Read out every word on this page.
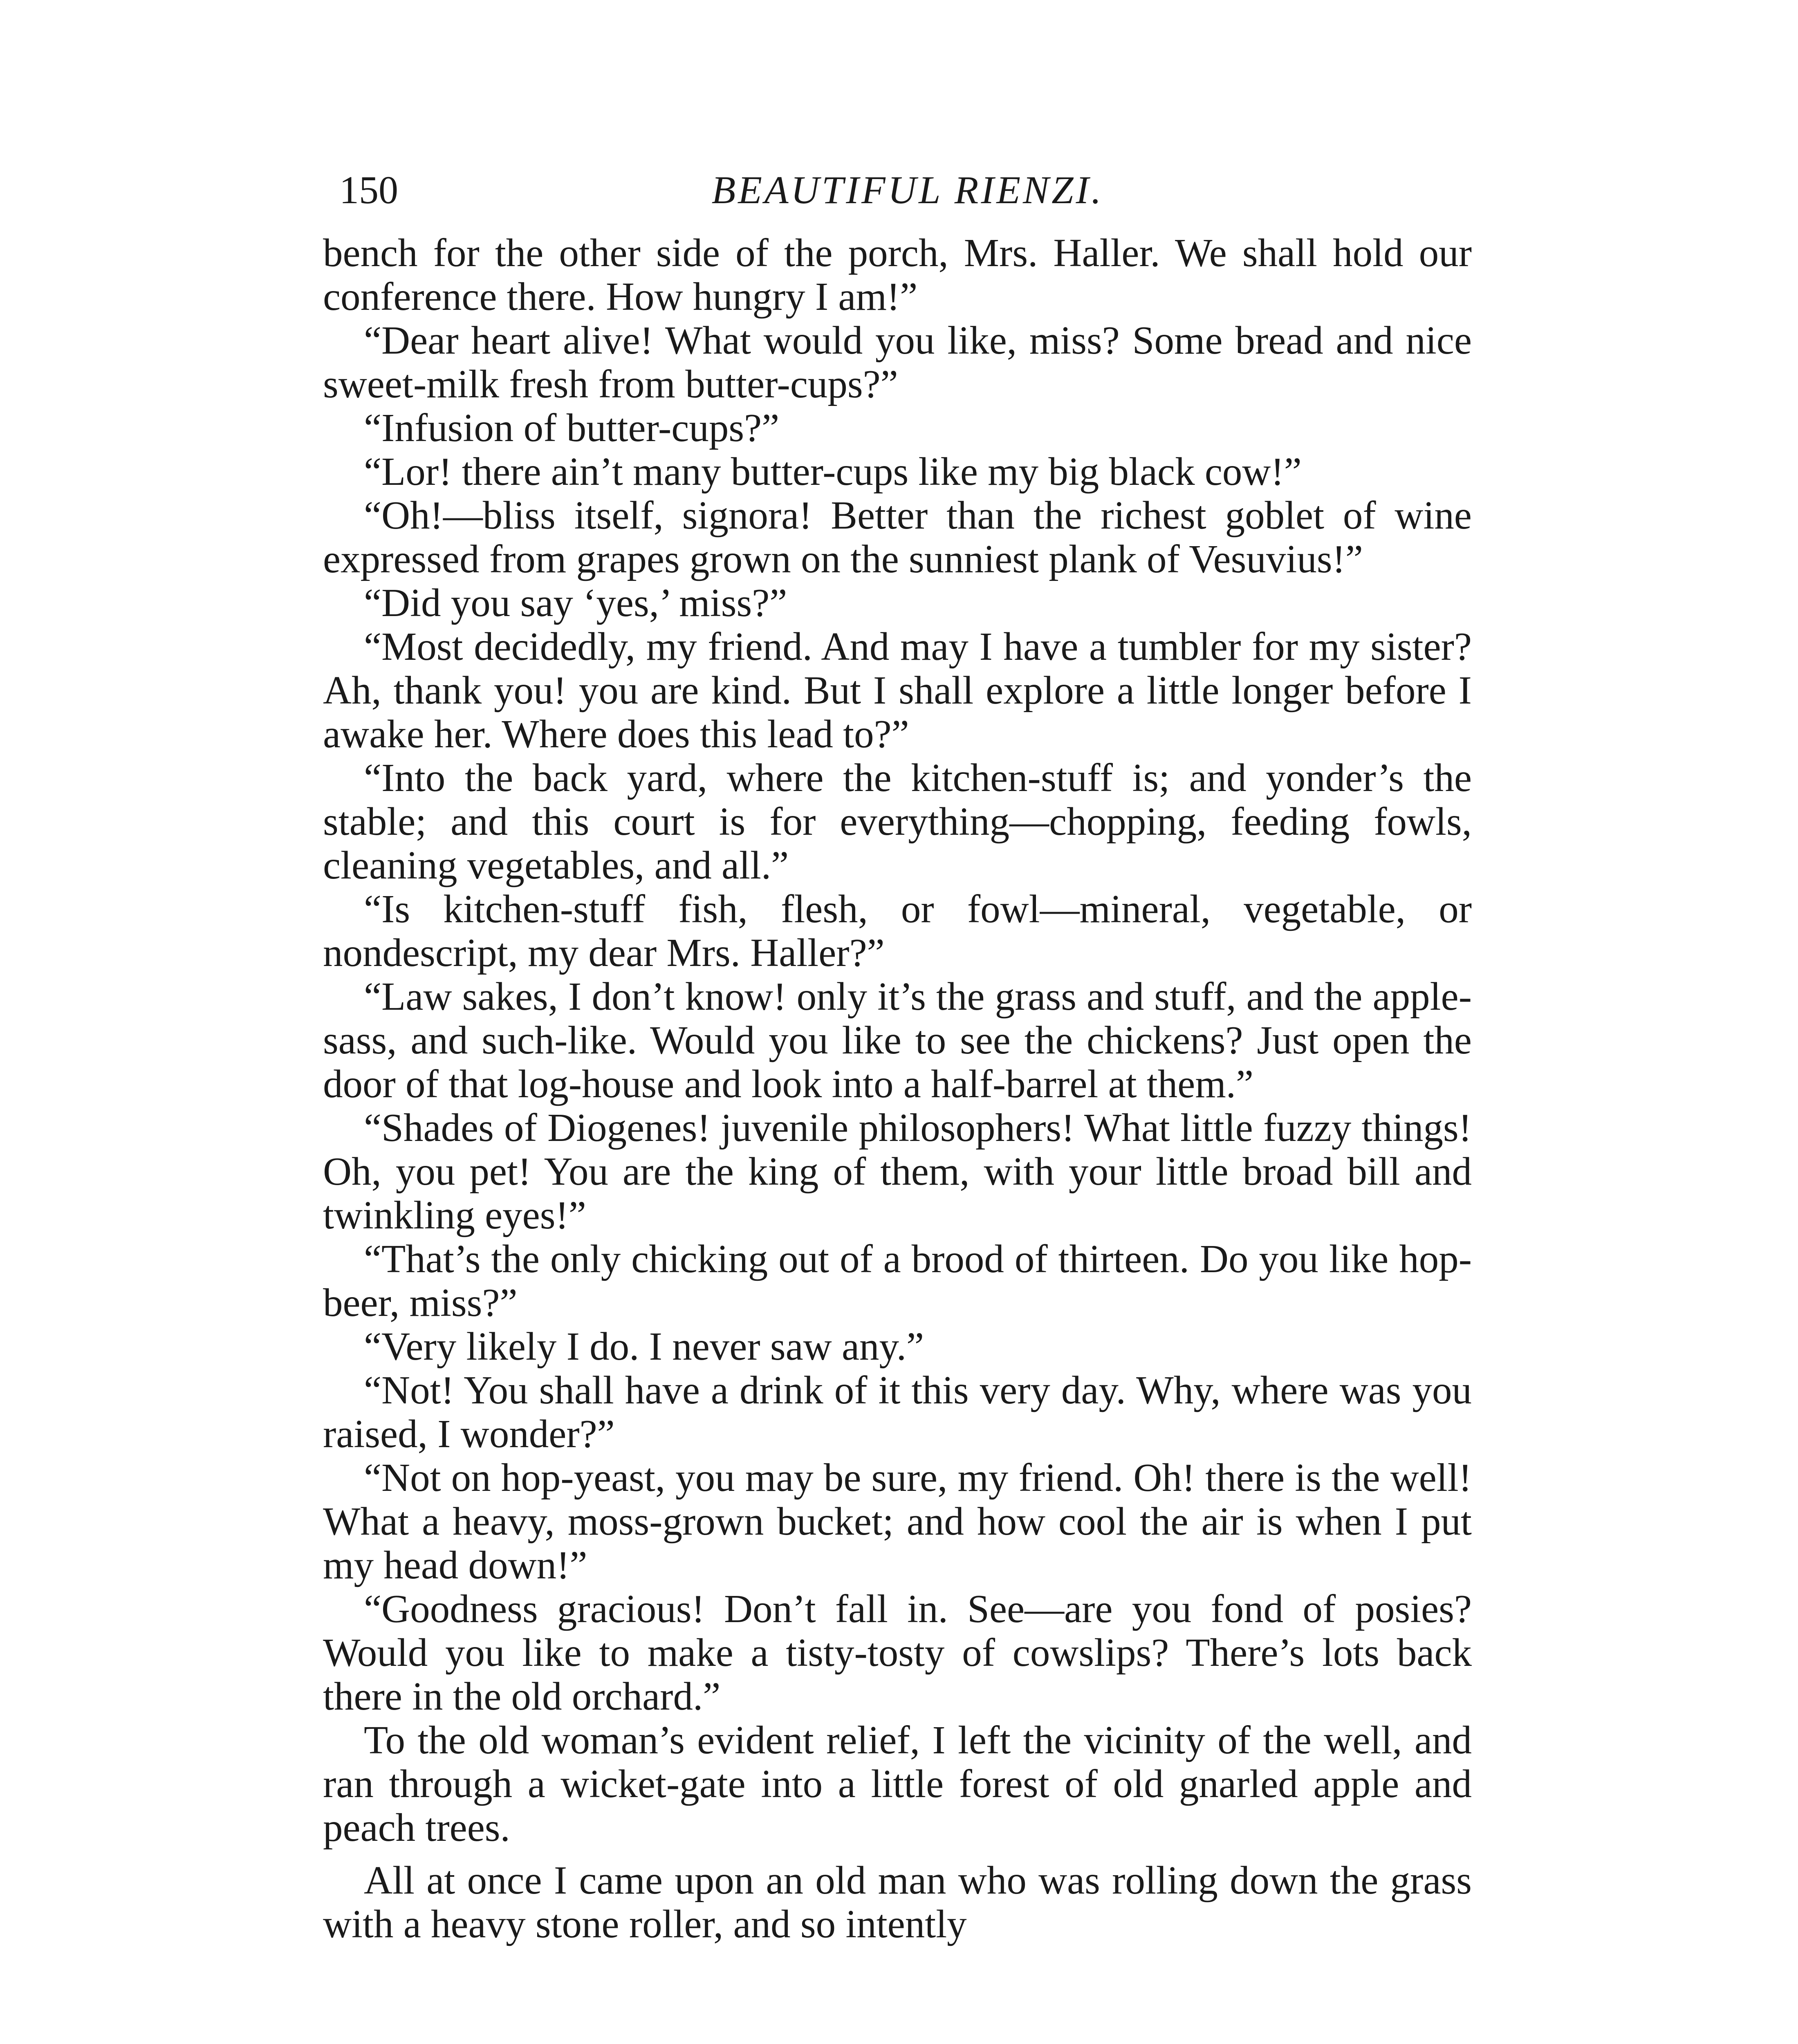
150	BEAUTIFUL RIENZI.

bench for the other side of the porch, Mrs. Haller. We shall hold our conference there. How hungry I am!”

“Dear heart alive! What would you like, miss? Some bread and nice sweet-milk fresh from butter-cups?”

“Infusion of butter-cups?”

“Lor! there ain’t many butter-cups like my big black cow!”

“Oh!—bliss itself, signora! Better than the richest goblet of wine expressed from grapes grown on the sunniest plank of Vesuvius!”

“Did you say ‘yes,’ miss?”

“Most decidedly, my friend. And may I have a tumbler for my sister? Ah, thank you! you are kind. But I shall explore a little longer before I awake her. Where does this lead to?”

“Into the back yard, where the kitchen-stuff is; and yonder’s the stable; and this court is for everything—chopping, feeding fowls, cleaning vegetables, and all.”

“Is kitchen-stuff fish, flesh, or fowl—mineral, vegetable, or nondescript, my dear Mrs. Haller?”

“Law sakes, I don’t know! only it’s the grass and stuff, and the apple-sass, and such-like. Would you like to see the chickens? Just open the door of that log-house and look into a half-barrel at them.”

“Shades of Diogenes! juvenile philosophers! What little fuzzy things! Oh, you pet! You are the king of them, with your little broad bill and twinkling eyes!”

“That’s the only chicking out of a brood of thirteen. Do you like hop-beer, miss?”

“Very likely I do. I never saw any.”

“Not! You shall have a drink of it this very day. Why, where was you raised, I wonder?”

“Not on hop-yeast, you may be sure, my friend. Oh! there is the well! What a heavy, moss-grown bucket; and how cool the air is when I put my head down!”

“Goodness gracious! Don’t fall in. See—are you fond of posies? Would you like to make a tisty-tosty of cowslips? There’s lots back there in the old orchard.”

To the old woman’s evident relief, I left the vicinity of the well, and ran through a wicket-gate into a little forest of old gnarled apple and peach trees.

All at once I came upon an old man who was rolling down the grass with a heavy stone roller, and so intently
